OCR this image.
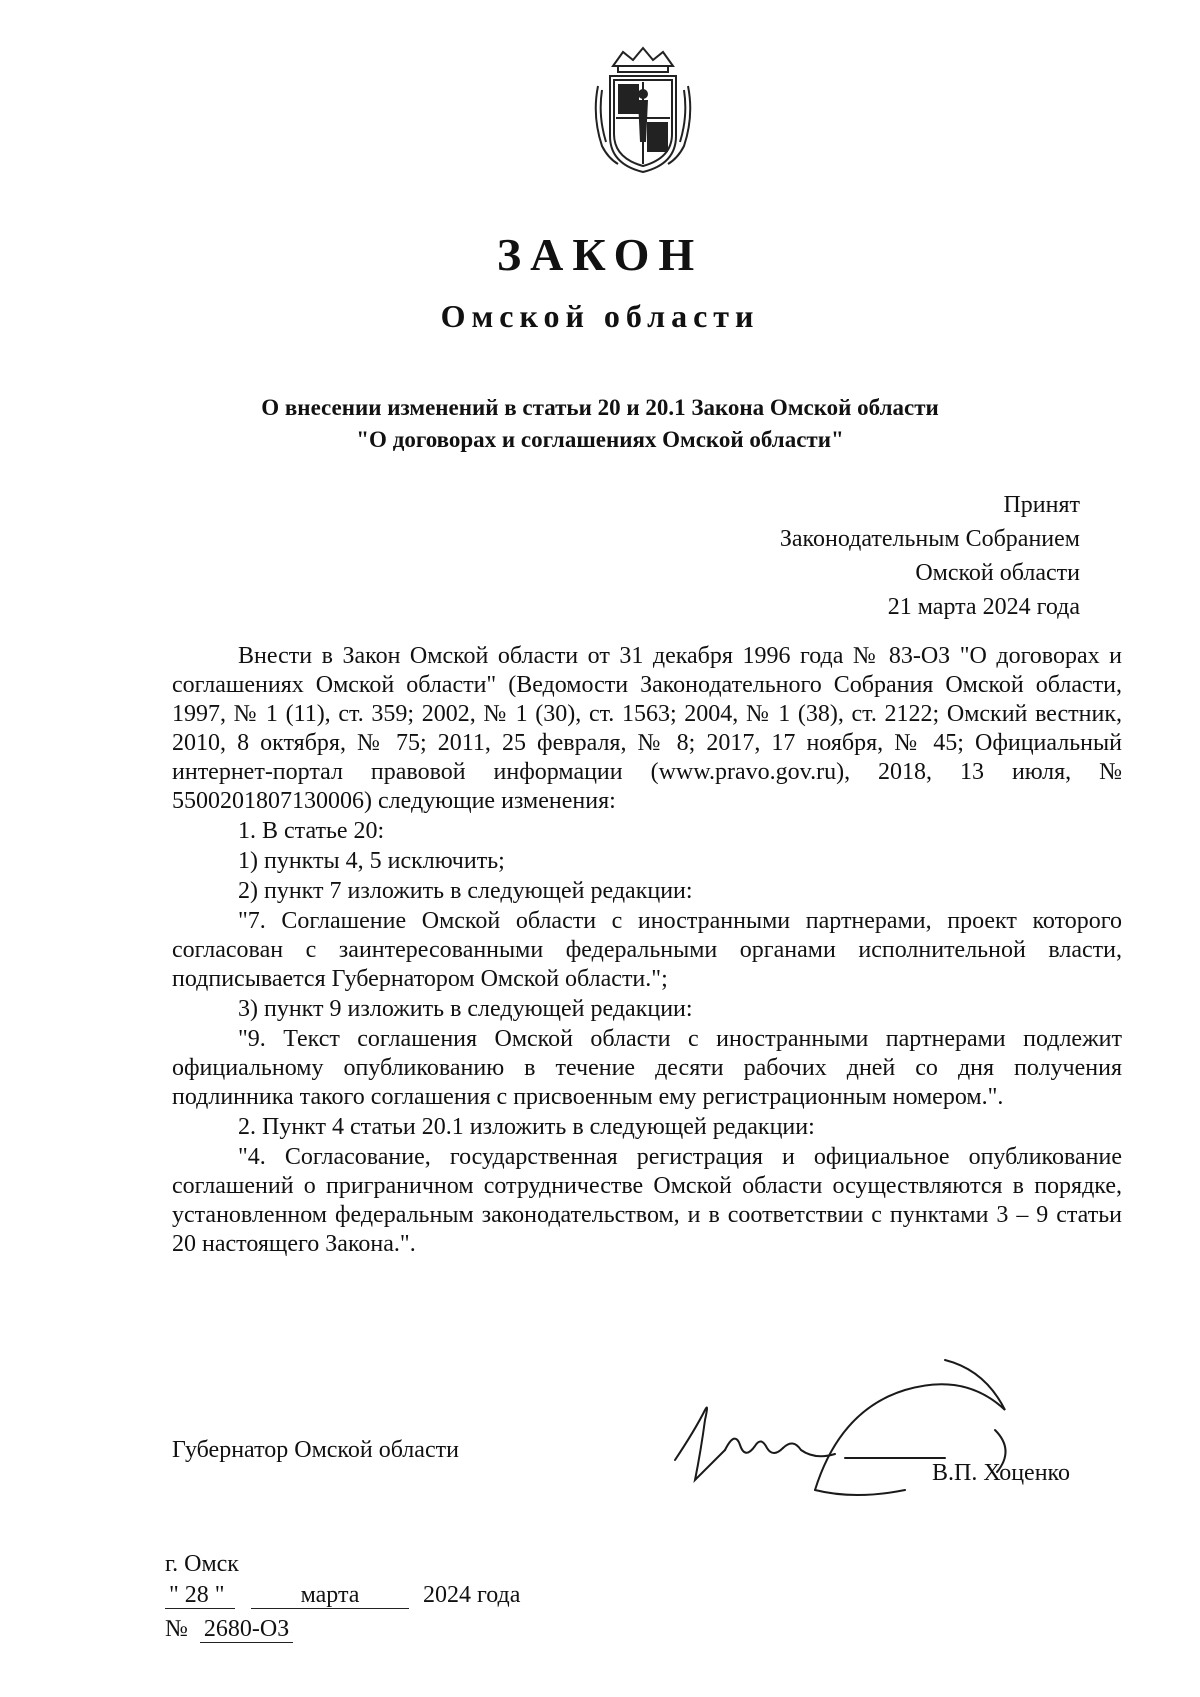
ЗАКОН
Омской области
О внесении изменений в статьи 20 и 20.1 Закона Омской области
"О договорах и соглашениях Омской области"
Принят
Законодательным Собранием
Омской области
21 марта 2024 года

Внести в Закон Омской области от 31 декабря 1996 года № 83-ОЗ "О договорах и соглашениях Омской области" (Ведомости Законодательного Собрания Омской области, 1997, № 1 (11), ст. 359; 2002, № 1 (30), ст. 1563; 2004, № 1 (38), ст. 2122; Омский вестник, 2010, 8 октября, № 75; 2011, 25 февраля, № 8; 2017, 17 ноября, № 45; Официальный интернет-портал правовой информации (www.pravo.gov.ru), 2018, 13 июля, № 5500201807130006) следующие изменения:

1. В статье 20:

1) пункты 4, 5 исключить;

2) пункт 7 изложить в следующей редакции:

"7. Соглашение Омской области с иностранными партнерами, проект которого согласован с заинтересованными федеральными органами исполнительной власти, подписывается Губернатором Омской области.";

3) пункт 9 изложить в следующей редакции:

"9. Текст соглашения Омской области с иностранными партнерами подлежит официальному опубликованию в течение десяти рабочих дней со дня получения подлинника такого соглашения с присвоенным ему регистрационным номером.".

2. Пункт 4 статьи 20.1 изложить в следующей редакции:

"4. Согласование, государственная регистрация и официальное опубликование соглашений о приграничном сотрудничестве Омской области осуществляются в порядке, установленном федеральным законодательством, и в соответствии с пунктами 3 – 9 статьи 20 настоящего Закона.".

Губернатор Омской области
В.П. Хоценко
г. Омск
" 28 "	марта	2024 года
№ 2680-ОЗ
